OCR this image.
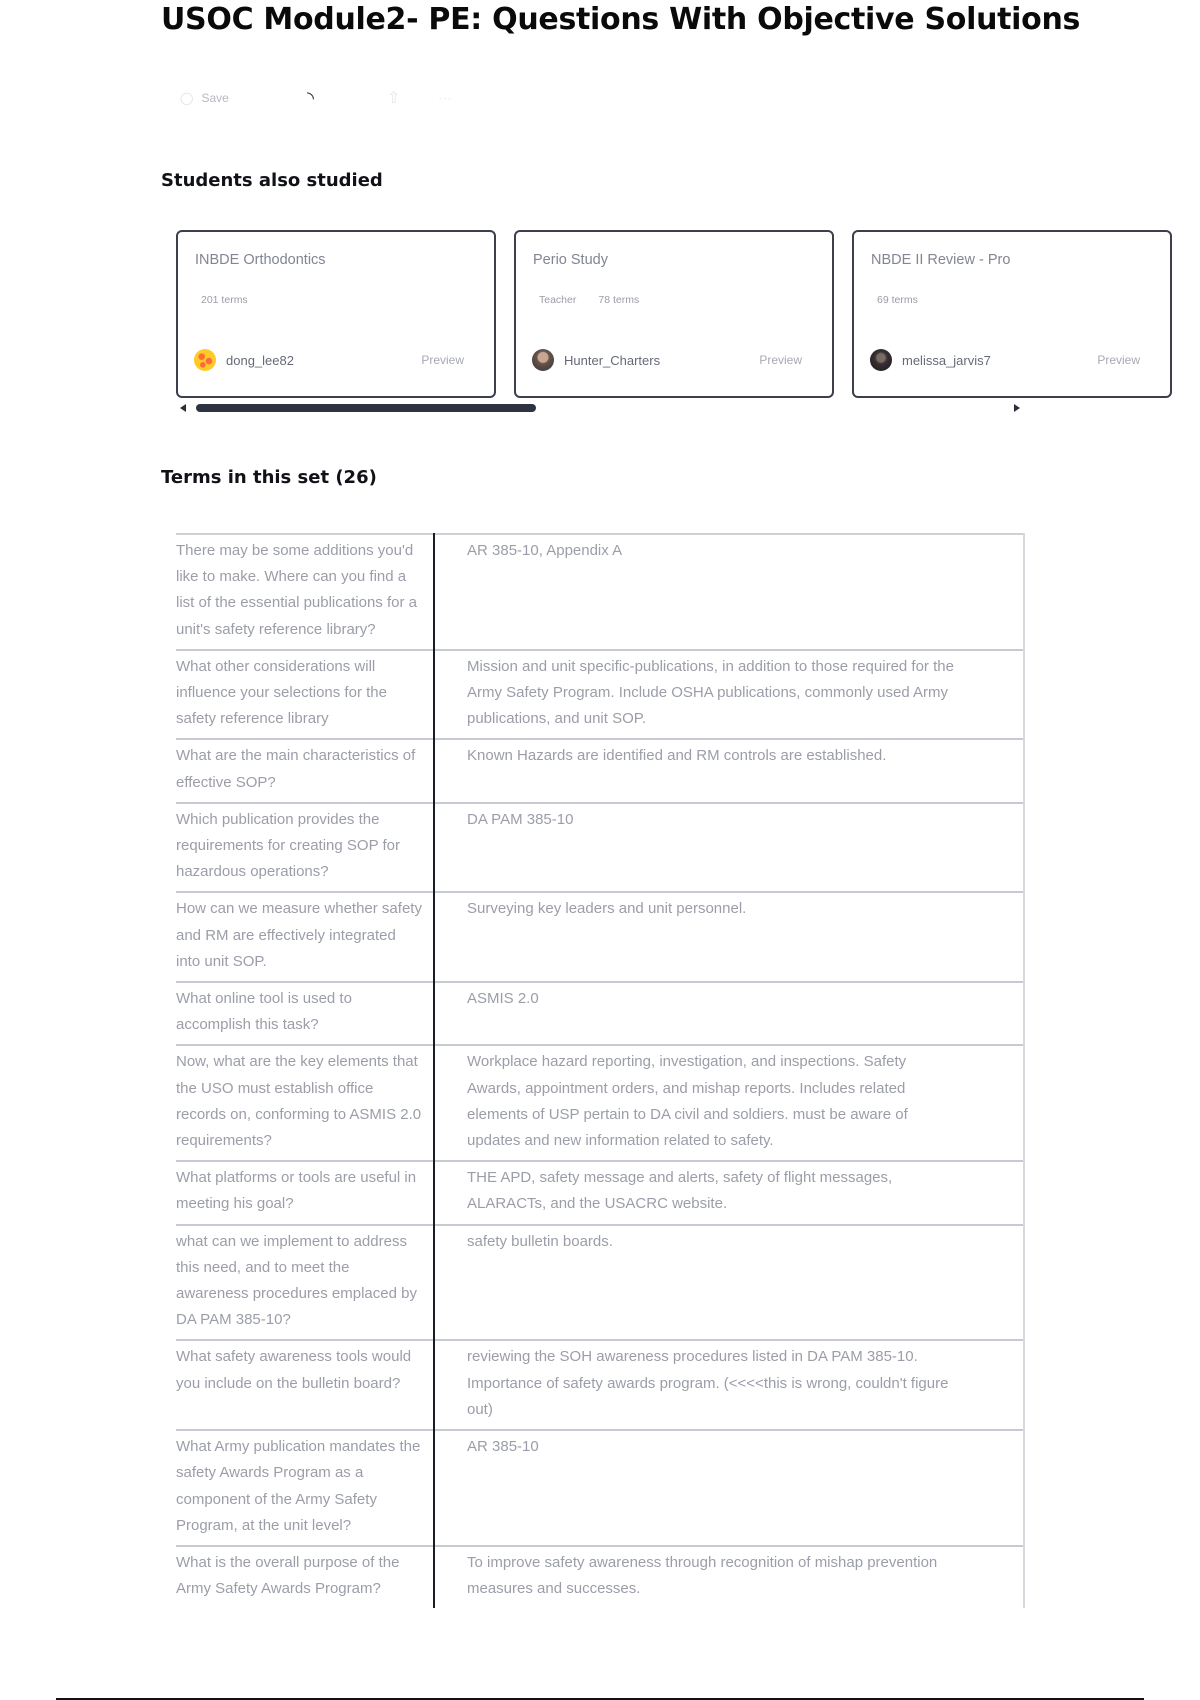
USOC Module2- PE: Questions With Objective Solutions
◯ Save	◝	⇧	⋯
Students also studied
INBDE Orthodontics
201 terms
dong_lee82	Preview
Perio Study
Teacher 78 terms
Hunter_Charters	Preview
NBDE II Review - Pro
69 terms
melissa_jarvis7	Preview
Terms in this set (26)
There may be some additions you'd like to make. Where can you find a list of the essential publications for a unit's safety reference library?	AR 385-10, Appendix A
What other considerations will influence your selections for the safety reference library	Mission and unit specific-publications, in addition to those required for the Army Safety Program. Include OSHA publications, commonly used Army publications, and unit SOP.
What are the main characteristics of effective SOP?	Known Hazards are identified and RM controls are established.
Which publication provides the requirements for creating SOP for hazardous operations?	DA PAM 385-10
How can we measure whether safety and RM are effectively integrated into unit SOP.	Surveying key leaders and unit personnel.
What online tool is used to accomplish this task?	ASMIS 2.0
Now, what are the key elements that the USO must establish office records on, conforming to ASMIS 2.0 requirements?	Workplace hazard reporting, investigation, and inspections. Safety Awards, appointment orders, and mishap reports. Includes related elements of USP pertain to DA civil and soldiers. must be aware of updates and new information related to safety.
What platforms or tools are useful in meeting his goal?	THE APD, safety message and alerts, safety of flight messages, ALARACTs, and the USACRC website.
what can we implement to address this need, and to meet the awareness procedures emplaced by DA PAM 385-10?	safety bulletin boards.
What safety awareness tools would you include on the bulletin board?	reviewing the SOH awareness procedures listed in DA PAM 385-10. Importance of safety awards program. (<<<<this is wrong, couldn't figure out)
What Army publication mandates the safety Awards Program as a component of the Army Safety Program, at the unit level?	AR 385-10
What is the overall purpose of the Army Safety Awards Program?	To improve safety awareness through recognition of mishap prevention measures and successes.
